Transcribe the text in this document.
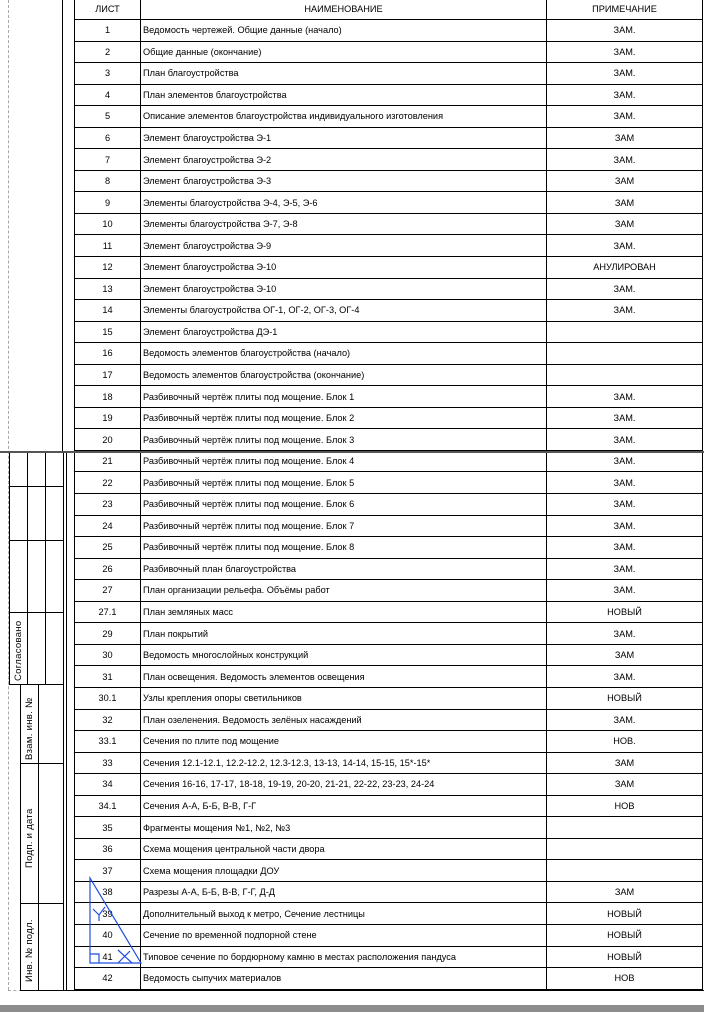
ЛИСТ	НАИМЕНОВАНИЕ	ПРИМЕЧАНИЕ
1	Ведомость чертежей. Общие данные (начало)	ЗАМ.
2	Общие данные (окончание)	ЗАМ.
3	План благоустройства	ЗАМ.
4	План элементов благоустройства	ЗАМ.
5	Описание элементов благоустройства индивидуального изготовления	ЗАМ.
6	Элемент благоустройства Э-1	ЗАМ
7	Элемент благоустройства Э-2	ЗАМ.
8	Элемент благоустройства Э-3	ЗАМ
9	Элементы благоустройства Э-4, Э-5, Э-6	ЗАМ
10	Элементы благоустройства Э-7, Э-8	ЗАМ
11	Элемент благоустройства Э-9	ЗАМ.
12	Элемент благоустройства Э-10	АНУЛИРОВАН
13	Элемент благоустройства Э-10	ЗАМ.
14	Элементы благоустройства ОГ-1, ОГ-2, ОГ-3, ОГ-4	ЗАМ.
15	Элемент благоустройства ДЭ-1	
16	Ведомость элементов благоустройства (начало)	
17	Ведомость элементов благоустройства (окончание)	
18	Разбивочный чертёж плиты под мощение. Блок 1	ЗАМ.
19	Разбивочный чертёж плиты под мощение. Блок 2	ЗАМ.
20	Разбивочный чертёж плиты под мощение. Блок 3	ЗАМ.
21	Разбивочный чертёж плиты под мощение. Блок 4	ЗАМ.
22	Разбивочный чертёж плиты под мощение. Блок 5	ЗАМ.
23	Разбивочный чертёж плиты под мощение. Блок 6	ЗАМ.
24	Разбивочный чертёж плиты под мощение. Блок 7	ЗАМ.
25	Разбивочный чертёж плиты под мощение. Блок 8	ЗАМ.
26	Разбивочный план благоустройства	ЗАМ.
27	План организации рельефа. Объёмы работ	ЗАМ.
27.1	План земляных масс	НОВЫЙ
29	План покрытий	ЗАМ.
30	Ведомость многослойных конструкций	ЗАМ
31	План освещения. Ведомость элементов освещения	ЗАМ.
30.1	Узлы крепления опоры светильников	НОВЫЙ
32	План озеленения. Ведомость зелёных насаждений	ЗАМ.
33.1	Сечения по плите под мощение	НОВ.
33	Сечения 12.1-12.1, 12.2-12.2, 12.3-12.3, 13-13, 14-14, 15-15, 15*-15*	ЗАМ
34	Сечения 16-16, 17-17, 18-18, 19-19, 20-20, 21-21, 22-22, 23-23, 24-24	ЗАМ
34.1	Сечения А-А, Б-Б, В-В, Г-Г	НОВ
35	Фрагменты мощения №1, №2, №3	
36	Схема мощения центральной части двора	
37	Схема мощения площадки ДОУ	
38	Разрезы А-А, Б-Б, В-В, Г-Г, Д-Д	ЗАМ
39	Дополнительный выход к метро, Сечение лестницы	НОВЫЙ
40	Сечение по временной подпорной стене	НОВЫЙ
41	Типовое сечение по бордюрному камню в местах расположения пандуса	НОВЫЙ
42	Ведомость сыпучих материалов	НОВ
Согласовано
Взам. инв. №
Подп. и дата
Инв. № подл.
